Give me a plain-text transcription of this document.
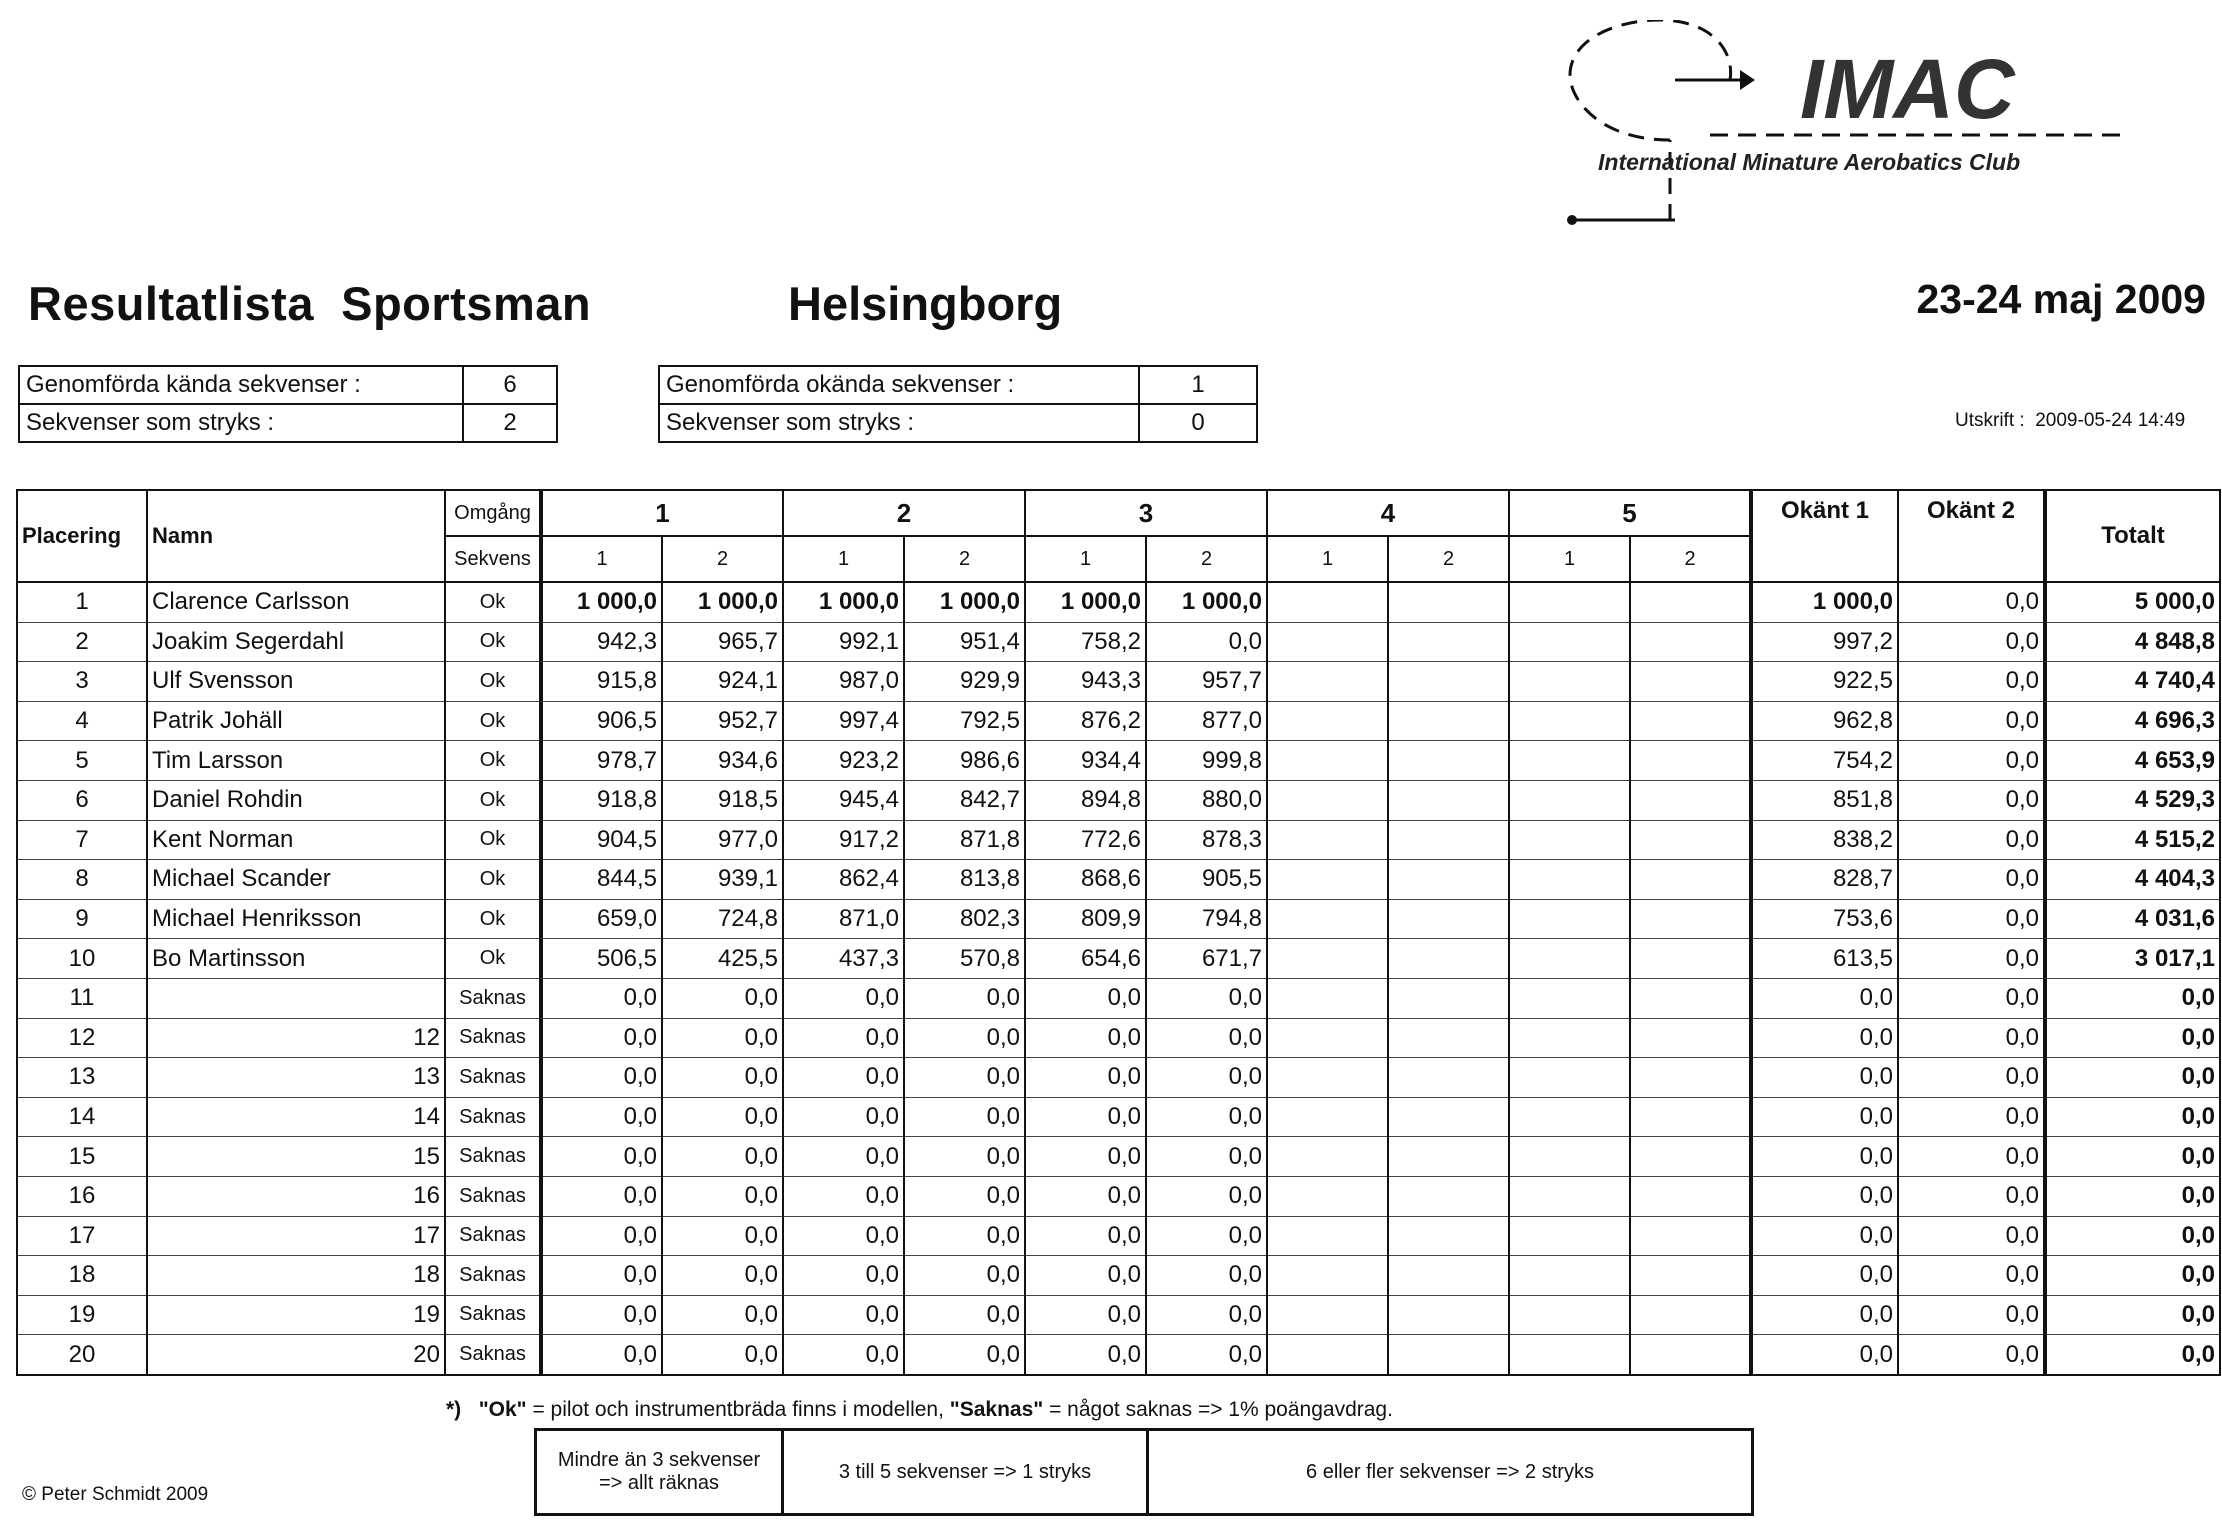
IMAC
International Minature Aerobatics Club
Resultatlista Sportsman	Helsingborg	23-24 maj 2009
Genomförda kända sekvenser :	6
Sekvenser som stryks :	2
Genomförda okända sekvenser :	1
Sekvenser som stryks :	0	Utskrift : 2009-05-24 14:49
Placering	Namn	Omgång	1		2		3		4		5		Okänt 1	Okänt 2	Totalt
		Sekvens	1	2	1	2	1	2	1	2	1	2			
1	Clarence Carlsson	Ok	1 000,0	1 000,0	1 000,0	1 000,0	1 000,0	1 000,0					1 000,0	0,0	5 000,0
2	Joakim Segerdahl	Ok	942,3	965,7	992,1	951,4	758,2	0,0					997,2	0,0	4 848,8
3	Ulf Svensson	Ok	915,8	924,1	987,0	929,9	943,3	957,7					922,5	0,0	4 740,4
4	Patrik Johäll	Ok	906,5	952,7	997,4	792,5	876,2	877,0					962,8	0,0	4 696,3
5	Tim Larsson	Ok	978,7	934,6	923,2	986,6	934,4	999,8					754,2	0,0	4 653,9
6	Daniel Rohdin	Ok	918,8	918,5	945,4	842,7	894,8	880,0					851,8	0,0	4 529,3
7	Kent Norman	Ok	904,5	977,0	917,2	871,8	772,6	878,3					838,2	0,0	4 515,2
8	Michael Scander	Ok	844,5	939,1	862,4	813,8	868,6	905,5					828,7	0,0	4 404,3
9	Michael Henriksson	Ok	659,0	724,8	871,0	802,3	809,9	794,8					753,6	0,0	4 031,6
10	Bo Martinsson	Ok	506,5	425,5	437,3	570,8	654,6	671,7					613,5	0,0	3 017,1
11		Saknas	0,0	0,0	0,0	0,0	0,0	0,0					0,0	0,0	0,0
12	12	Saknas	0,0	0,0	0,0	0,0	0,0	0,0					0,0	0,0	0,0
13	13	Saknas	0,0	0,0	0,0	0,0	0,0	0,0					0,0	0,0	0,0
14	14	Saknas	0,0	0,0	0,0	0,0	0,0	0,0					0,0	0,0	0,0
15	15	Saknas	0,0	0,0	0,0	0,0	0,0	0,0					0,0	0,0	0,0
16	16	Saknas	0,0	0,0	0,0	0,0	0,0	0,0					0,0	0,0	0,0
17	17	Saknas	0,0	0,0	0,0	0,0	0,0	0,0					0,0	0,0	0,0
18	18	Saknas	0,0	0,0	0,0	0,0	0,0	0,0					0,0	0,0	0,0
19	19	Saknas	0,0	0,0	0,0	0,0	0,0	0,0					0,0	0,0	0,0
20	20	Saknas	0,0	0,0	0,0	0,0	0,0	0,0					0,0	0,0	0,0
*) "Ok" = pilot och instrumentbräda finns i modellen, "Saknas" = något saknas => 1% poängavdrag.
Mindre än 3 sekvenser
=> allt räknas	3 till 5 sekvenser => 1 stryks	6 eller fler sekvenser => 2 stryks
© Peter Schmidt 2009
